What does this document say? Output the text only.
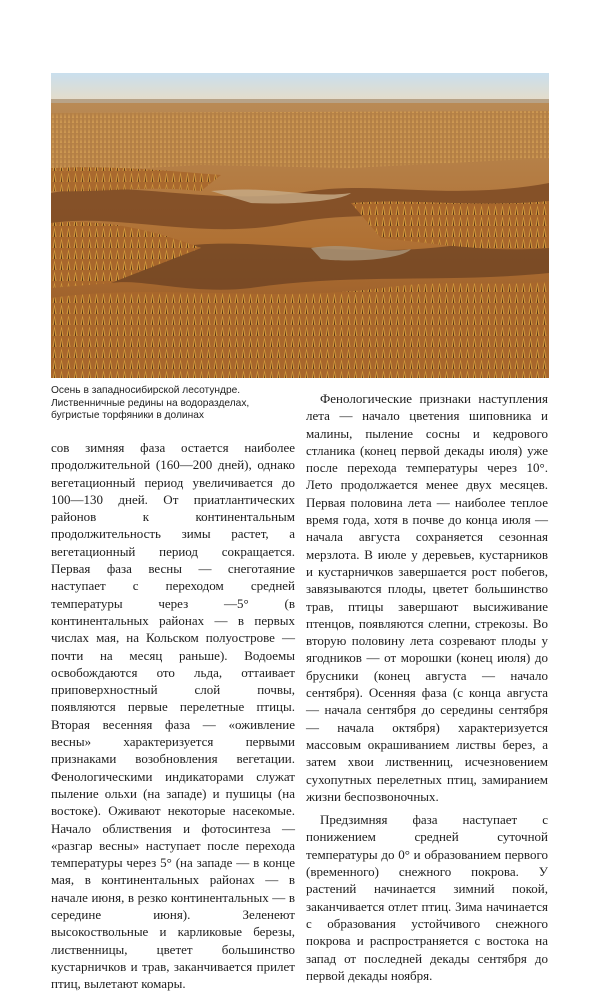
Осень в западносибирской лесотундре. Лиственничные редины на водоразделах, бугристые торфяники в долинах

сов зимняя фаза остается наиболее продолжительной (160—200 дней), однако вегетационный период увеличивается до 100—130 дней. От приатлантических районов к континентальным продолжительность зимы растет, а вегетационный период сокращается. Первая фаза весны — снеготаяние наступает с переходом средней температуры через —5° (в континентальных районах — в первых числах мая, на Кольском полуострове — почти на месяц раньше). Водоемы освобождаются ото льда, оттаивает приповерхностный слой почвы, появляются первые перелетные птицы. Вторая весенняя фаза — «оживление весны» характеризуется первыми признаками возобновления вегетации. Фенологическими индикаторами служат пыление ольхи (на западе) и пушицы (на востоке). Оживают некоторые насекомые. Начало облиствения и фотосинтеза — «разгар весны» наступает после перехода температуры через 5° (на западе — в конце мая, в континентальных районах — в начале июня, в резко континентальных — в середине июня). Зеленеют высокоствольные и карликовые березы, лиственницы, цветет большинство кустарничков и трав, заканчивается прилет птиц, вылетают комары.

Фенологические признаки наступления лета — начало цветения шиповника и малины, пыление сосны и кедрового стланика (конец первой декады июля) уже после перехода температуры через 10°. Лето продолжается менее двух месяцев. Первая половина лета — наиболее теплое время года, хотя в почве до конца июля — начала августа сохраняется сезонная мерзлота. В июле у деревьев, кустарников и кустарничков завершается рост побегов, завязываются плоды, цветет большинство трав, птицы завершают высиживание птенцов, появляются слепни, стрекозы. Во вторую половину лета созревают плоды у ягодников — от морошки (конец июля) до брусники (конец августа — начало сентября). Осенняя фаза (с конца августа — начала сентября до середины сентября — начала октября) характеризуется массовым окрашиванием листвы берез, а затем хвои лиственниц, исчезновением сухопутных перелетных птиц, замиранием жизни беспозвоночных.

Предзимняя фаза наступает с понижением средней суточной температуры до 0° и образованием первого (временного) снежного покрова. У растений начинается зимний покой, заканчивается отлет птиц. Зима начинается с образования устойчивого снежного покрова и распространяется с востока на запад от последней декады сентября до первой декады ноября.
